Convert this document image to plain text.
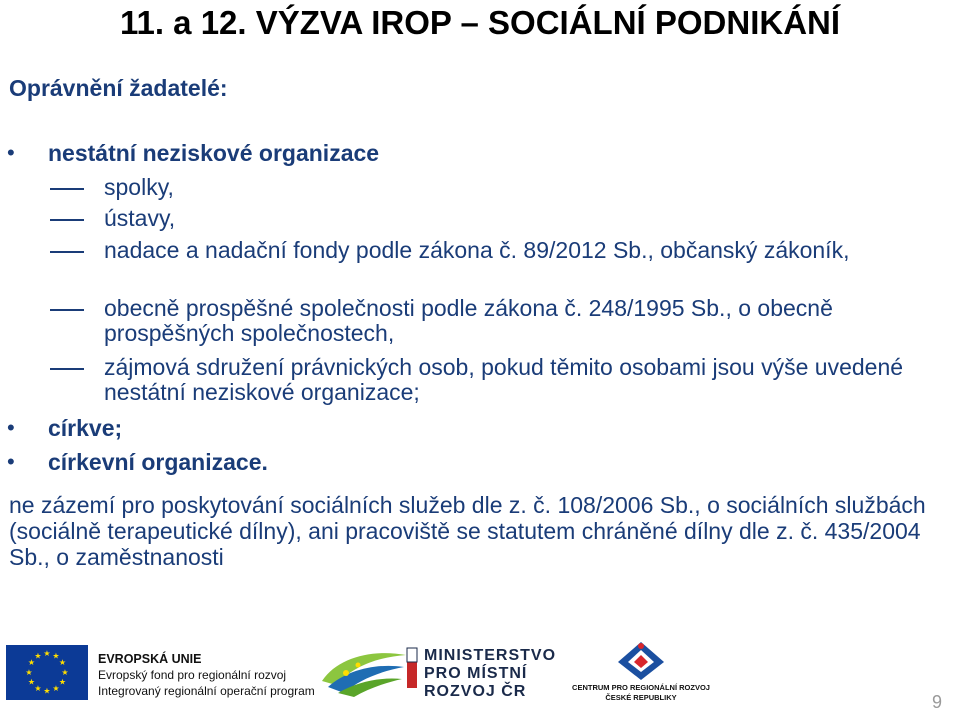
11. a 12. VÝZVA IROP – SOCIÁLNÍ PODNIKÁNÍ
Oprávnění žadatelé:
• nestátní neziskové organizace
spolky,
ústavy,
nadace a nadační fondy podle zákona č. 89/2012 Sb., občanský zákoník,
obecně prospěšné společnosti podle zákona č. 248/1995 Sb., o obecně prospěšných společnostech,
zájmová sdružení právnických osob, pokud těmito osobami jsou výše uvedené nestátní neziskové organizace;
• církve;
• církevní organizace.
ne zázemí pro poskytování sociálních služeb dle z. č. 108/2006 Sb., o sociálních službách (sociálně terapeutické dílny), ani pracoviště se statutem chráněné dílny dle z. č. 435/2004 Sb., o zaměstnanosti
★ ★
★
★
★
★
★
★
★
★
★
★	EVROPSKÁ UNIE
Evropský fond pro regionální rozvoj
Integrovaný regionální operační program
MINISTERSTVO
PRO MÍSTNÍ
ROZVOJ ČR	CENTRUM PRO REGIONÁLNÍ ROZVOJ
ČESKÉ REPUBLIKY	9
